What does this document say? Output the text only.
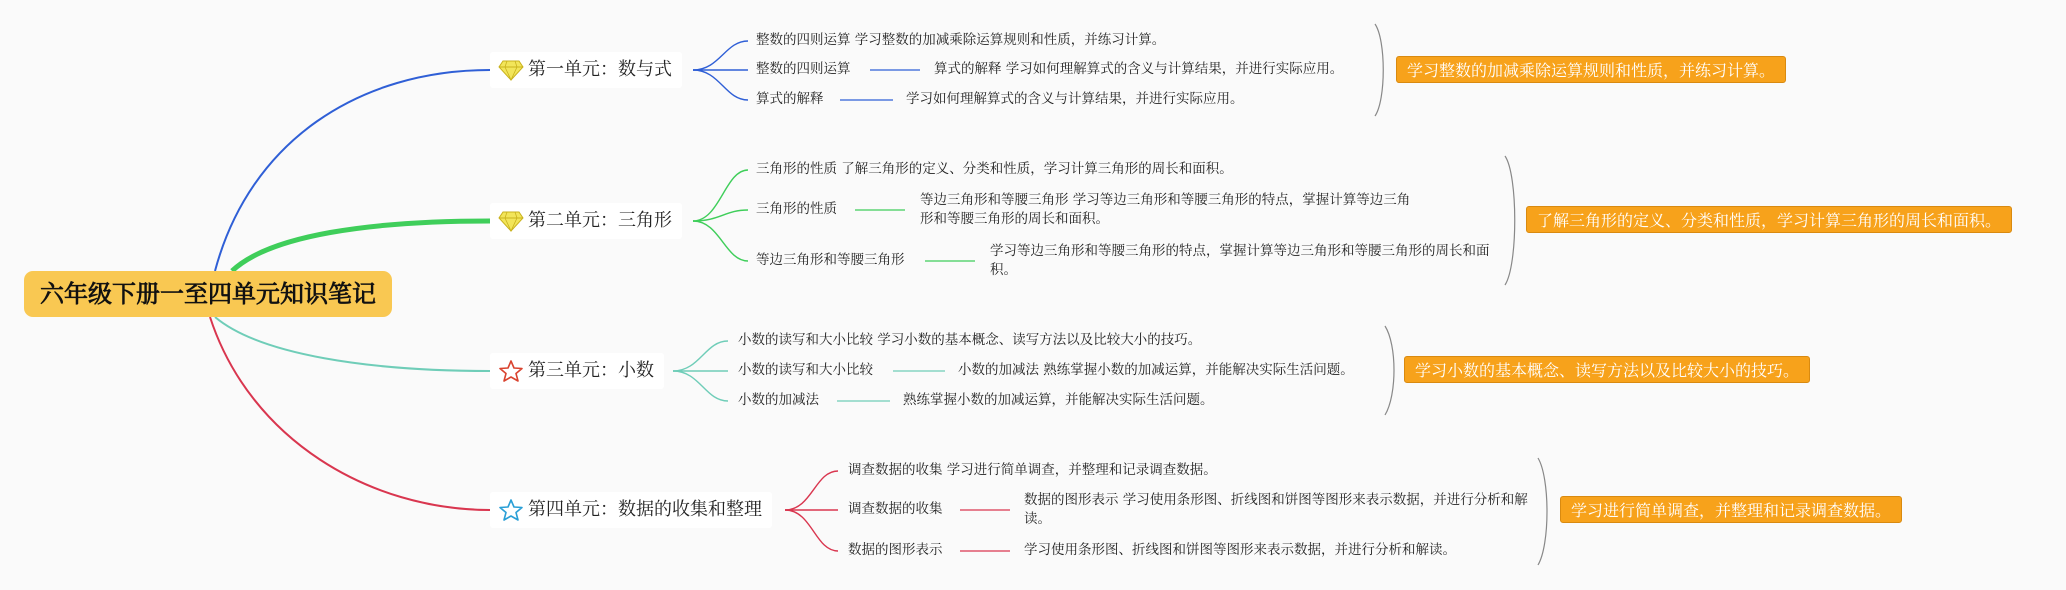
六年级下册一至四单元知识笔记
第一单元：数与式
整数的四则运算 学习整数的加减乘除运算规则和性质，并练习计算。
整数的四则运算	算式的解释 学习如何理解算式的含义与计算结果，并进行实际应用。
算式的解释	学习如何理解算式的含义与计算结果，并进行实际应用。
学习整数的加减乘除运算规则和性质，并练习计算。
第二单元：三角形
三角形的性质 了解三角形的定义、分类和性质，学习计算三角形的周长和面积。
三角形的性质
等边三角形和等腰三角形 学习等边三角形和等腰三角形的特点，掌握计算等边三角形和等腰三角形的周长和面积。
等边三角形和等腰三角形
学习等边三角形和等腰三角形的特点，掌握计算等边三角形和等腰三角形的周长和面积。
了解三角形的定义、分类和性质，学习计算三角形的周长和面积。
第三单元：小数
小数的读写和大小比较 学习小数的基本概念、读写方法以及比较大小的技巧。
小数的读写和大小比较	小数的加减法 熟练掌握小数的加减运算，并能解决实际生活问题。
小数的加减法	熟练掌握小数的加减运算，并能解决实际生活问题。
学习小数的基本概念、读写方法以及比较大小的技巧。
第四单元：数据的收集和整理
调查数据的收集 学习进行简单调查，并整理和记录调查数据。
调查数据的收集
数据的图形表示 学习使用条形图、折线图和饼图等图形来表示数据，并进行分析和解读。
数据的图形表示	学习使用条形图、折线图和饼图等图形来表示数据，并进行分析和解读。
学习进行简单调查，并整理和记录调查数据。
